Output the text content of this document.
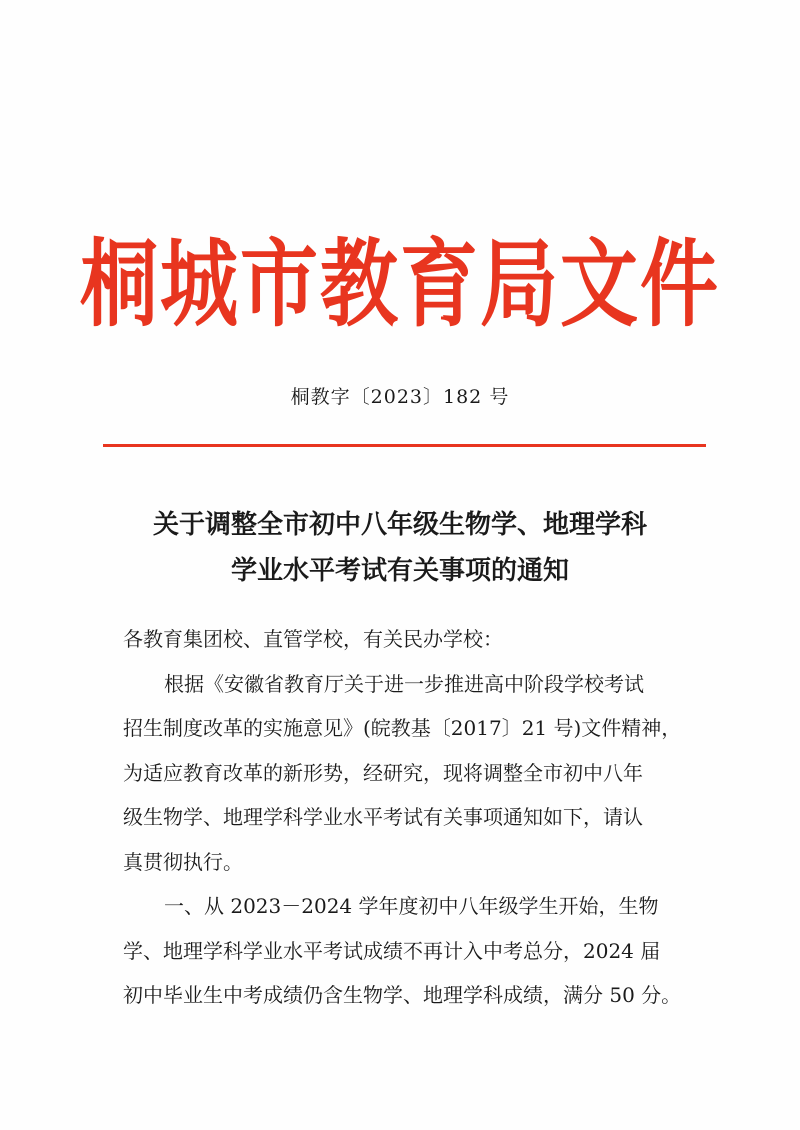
桐城市教育局文件
桐教字〔2023〕182 号
关于调整全市初中八年级生物学、地理学科
学业水平考试有关事项的通知

各教育集团校、直管学校，有关民办学校：

根据《安徽省教育厅关于进一步推进高中阶段学校考试

招生制度改革的实施意见》(皖教基〔2017〕21 号)文件精神，

为适应教育改革的新形势，经研究，现将调整全市初中八年

级生物学、地理学科学业水平考试有关事项通知如下，请认

真贯彻执行。

一、从 2023－2024 学年度初中八年级学生开始，生物

学、地理学科学业水平考试成绩不再计入中考总分，2024 届

初中毕业生中考成绩仍含生物学、地理学科成绩，满分 50 分。
